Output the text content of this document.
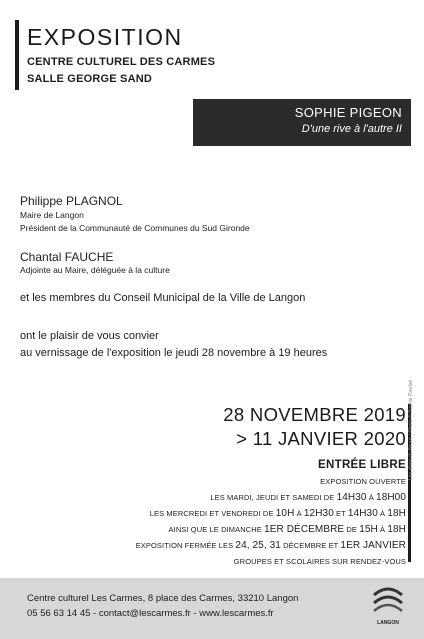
EXPOSITION
CENTRE CULTUREL DES CARMES
SALLE GEORGE SAND
SOPHIE PIGEON
D'une rive à l'autre II
Philippe PLAGNOL
Maire de Langon
Président de la Communauté de Communes du Sud Gironde
Chantal FAUCHE
Adjointe au Maire, déléguée à la culture
et les membres du Conseil Municipal de la Ville de Langon
ont le plaisir de vous convier
au vernissage de l'exposition le jeudi 28 novembre à 19 heures
28 NOVEMBRE 2019
> 11 JANVIER 2020
ENTRÉE LIBRE
EXPOSITION OUVERTE
LES MARDI, JEUDI ET SAMEDI DE 14H30 À 18H00
LES MERCREDI ET VENDREDI DE 10H À 12H30 ET 14H30 À 18H
AINSI QUE LE DIMANCHE 1ER DÉCEMBRE DE 15H À 18H
EXPOSITION FERMÉE LES 24, 25, 31 DÉCEMBRE ET 1ER JANVIER
GROUPES ET SCOLAIRES SUR RENDEZ-VOUS
Les rêves du fleuve | Photo © Sophie Pawlak
Centre culturel Les Carmes, 8 place des Carmes, 33210 Langon
05 56 63 14 45 - contact@lescarmes.fr - www.lescarmes.fr
LANGON
